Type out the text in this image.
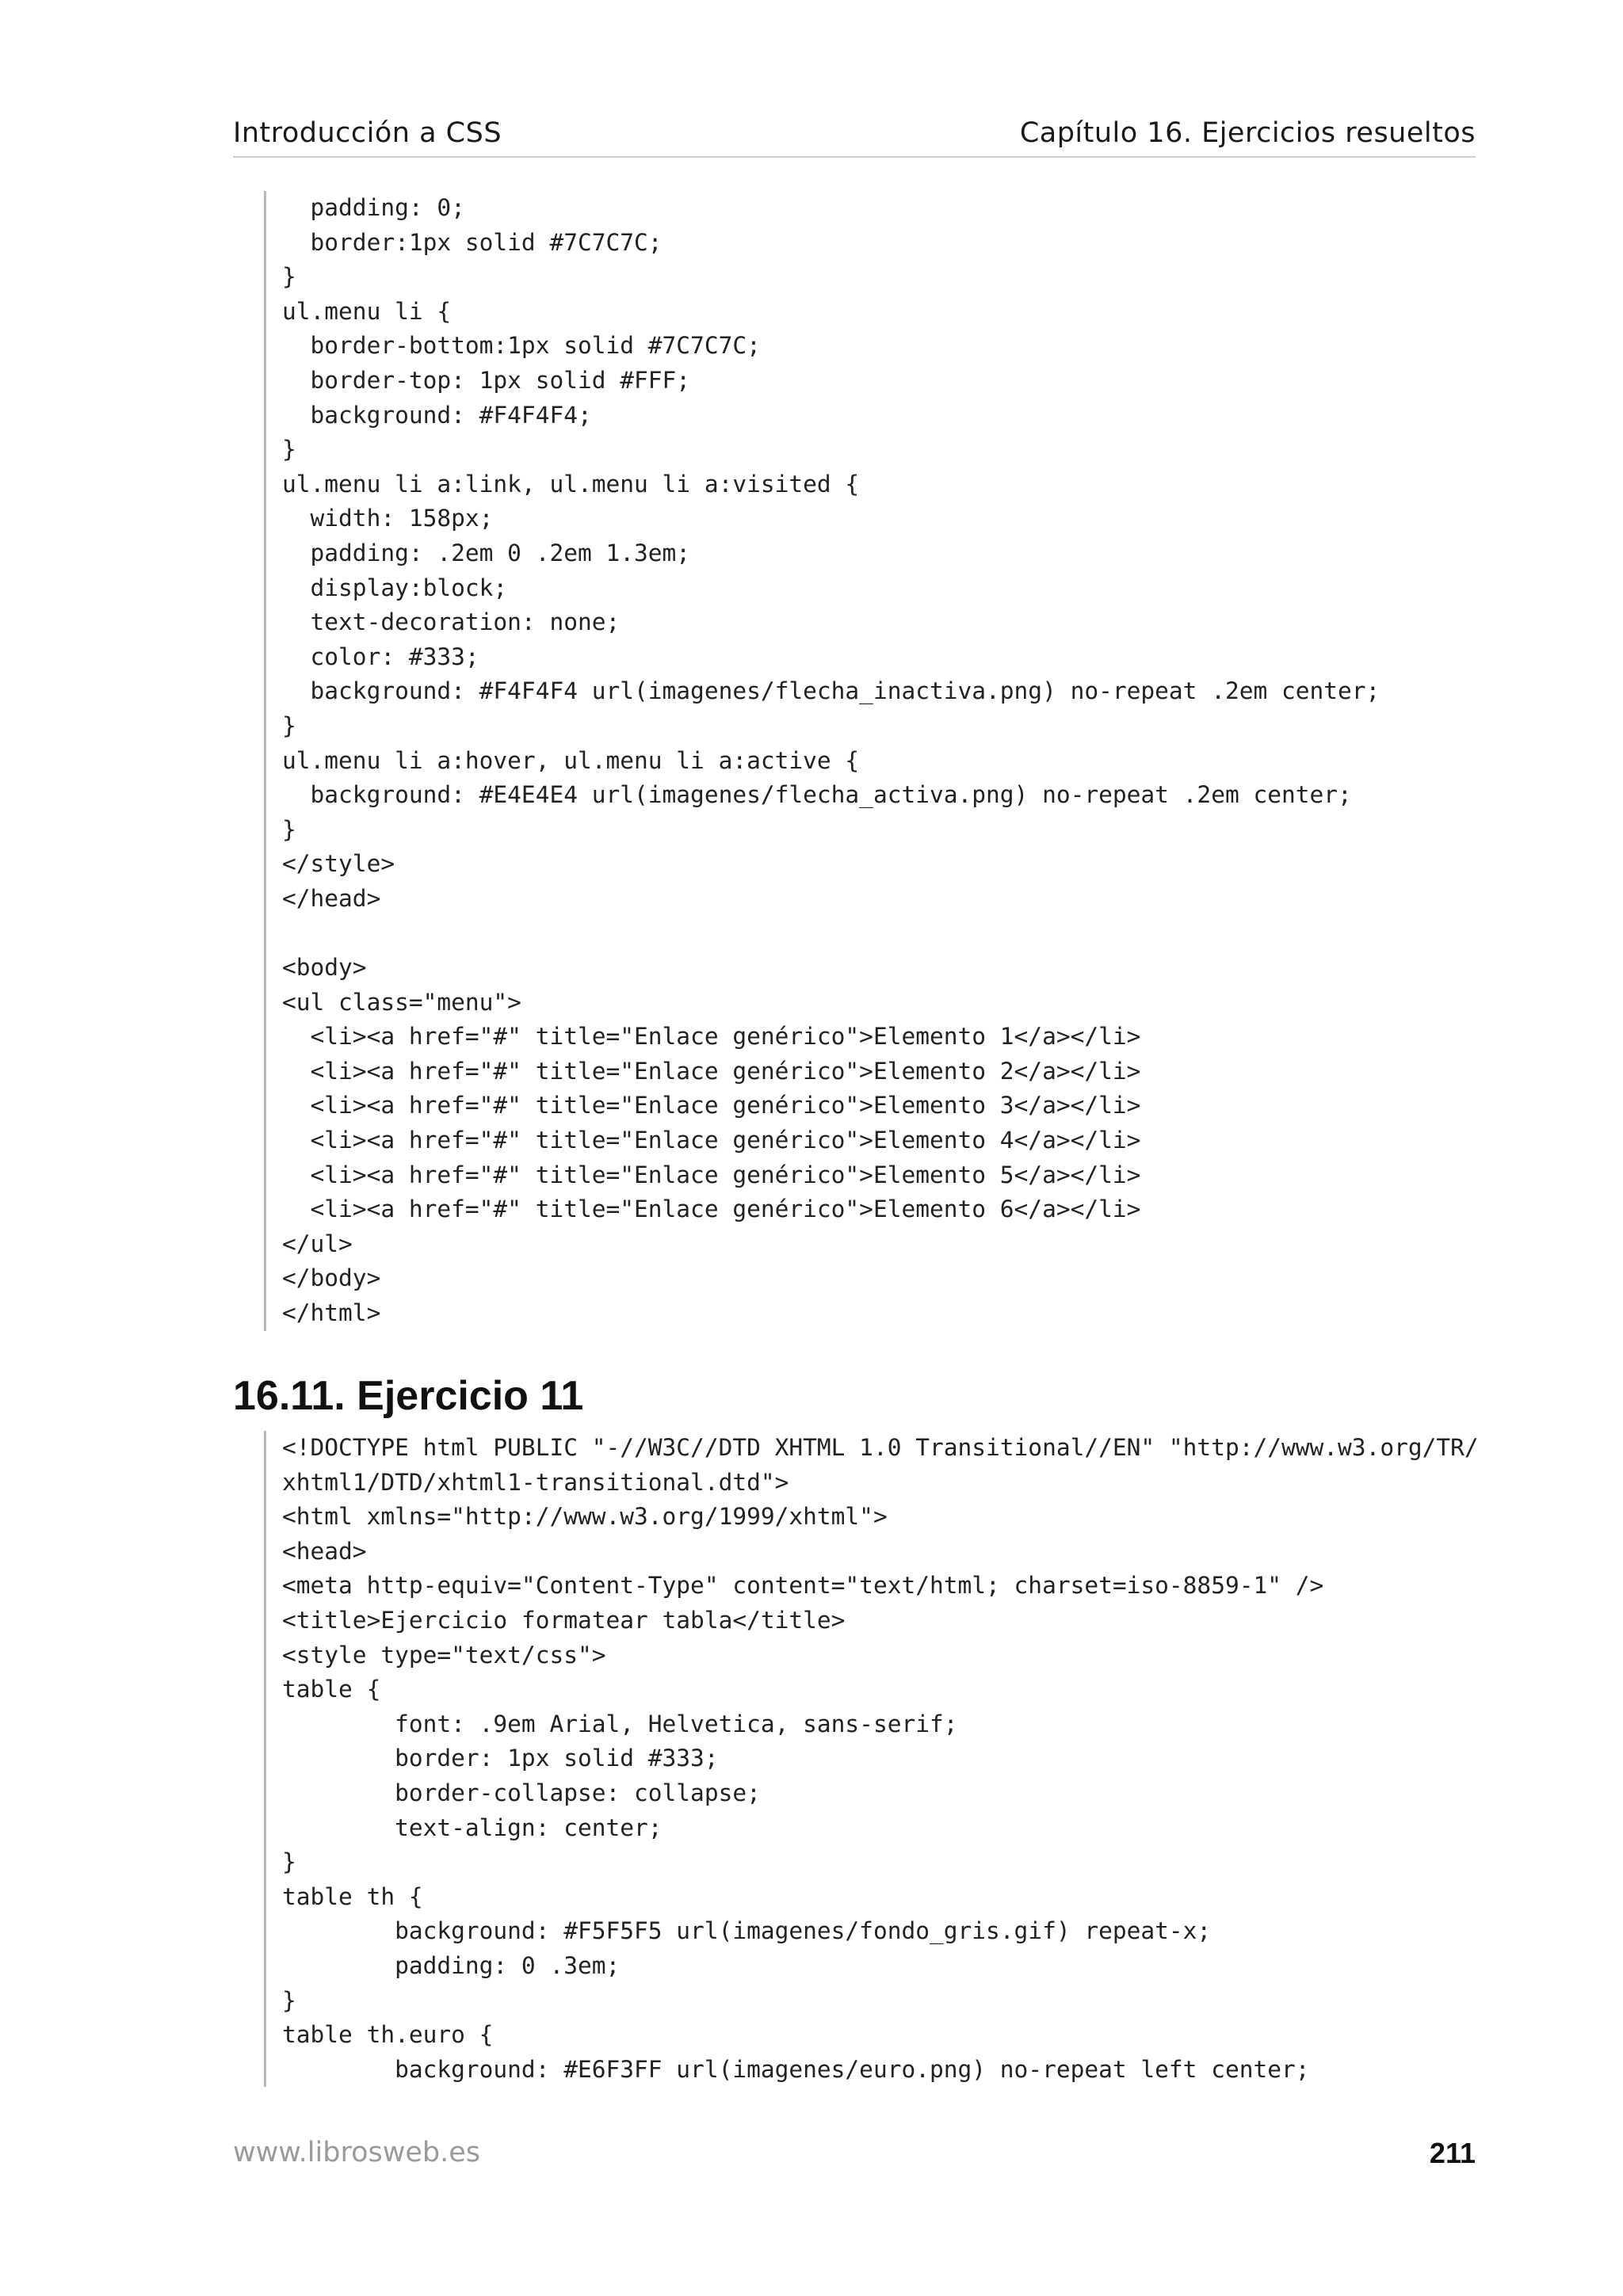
Introducción a CSS	Capítulo 16. Ejercicios resueltos
padding: 0;
border:1px solid #7C7C7C;
}
ul.menu li {
border-bottom:1px solid #7C7C7C;
border-top: 1px solid #FFF;
background: #F4F4F4;
}
ul.menu li a:link, ul.menu li a:visited {
width: 158px;
padding: .2em 0 .2em 1.3em;
display:block;
text-decoration: none;
color: #333;
background: #F4F4F4 url(imagenes/flecha_inactiva.png) no-repeat .2em center;
}
ul.menu li a:hover, ul.menu li a:active {
background: #E4E4E4 url(imagenes/flecha_activa.png) no-repeat .2em center;
}
</style>
</head>
<body>
<ul class="menu">
<li><a href="#" title="Enlace genérico">Elemento 1</a></li>
<li><a href="#" title="Enlace genérico">Elemento 2</a></li>
<li><a href="#" title="Enlace genérico">Elemento 3</a></li>
<li><a href="#" title="Enlace genérico">Elemento 4</a></li>
<li><a href="#" title="Enlace genérico">Elemento 5</a></li>
<li><a href="#" title="Enlace genérico">Elemento 6</a></li>
</ul>
</body>
</html>
16.11. Ejercicio 11
<!DOCTYPE html PUBLIC "-//W3C//DTD XHTML 1.0 Transitional//EN" "http://www.w3.org/TR/
xhtml1/DTD/xhtml1-transitional.dtd">
<html xmlns="http://www.w3.org/1999/xhtml">
<head>
<meta http-equiv="Content-Type" content="text/html; charset=iso-8859-1" />
<title>Ejercicio formatear tabla</title>
<style type="text/css">
table {
font: .9em Arial, Helvetica, sans-serif;
border: 1px solid #333;
border-collapse: collapse;
text-align: center;
}
table th {
background: #F5F5F5 url(imagenes/fondo_gris.gif) repeat-x;
padding: 0 .3em;
}
table th.euro {
background: #E6F3FF url(imagenes/euro.png) no-repeat left center;
www.librosweb.es	211
